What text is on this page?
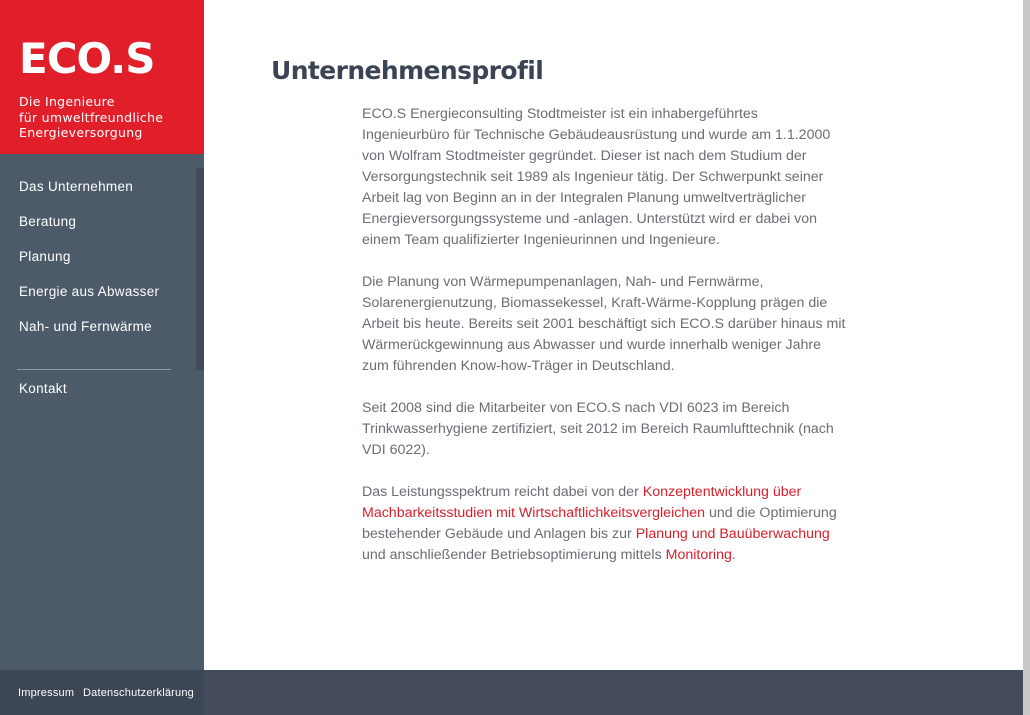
ECO.S
Die Ingenieure
für umweltfreundliche
Energieversorgung
Das Unternehmen
Beratung
Planung
Energie aus Abwasser
Nah- und Fernwärme
Kontakt
Unternehmensprofil

ECO.S Energieconsulting Stodtmeister ist ein inhabergeführtes Ingenieurbüro für Technische Gebäudeausrüstung und wurde am 1.1.2000 von Wolfram Stodtmeister gegründet. Dieser ist nach dem Studium der Versorgungstechnik seit 1989 als Ingenieur tätig. Der Schwerpunkt seiner Arbeit lag von Beginn an in der Integralen Planung umweltverträglicher Energieversorgungssysteme und -anlagen. Unterstützt wird er dabei von einem Team qualifizierter Ingenieurinnen und Ingenieure.

Die Planung von Wärmepumpenanlagen, Nah- und Fernwärme, Solarenergienutzung, Biomassekessel, Kraft-Wärme-Kopplung prägen die Arbeit bis heute. Bereits seit 2001 beschäftigt sich ECO.S darüber hinaus mit Wärmerückgewinnung aus Abwasser und wurde innerhalb weniger Jahre zum führenden Know-how-Träger in Deutschland.

Seit 2008 sind die Mitarbeiter von ECO.S nach VDI 6023 im Bereich Trinkwasserhygiene zertifiziert, seit 2012 im Bereich Raumlufttechnik (nach VDI 6022).

Das Leistungsspektrum reicht dabei von der Konzeptentwicklung über Machbarkeitsstudien mit Wirtschaftlichkeitsvergleichen und die Optimierung bestehender Gebäude und Anlagen bis zur Planung und Bauüberwachung und anschließender Betriebsoptimierung mittels Monitoring.

Impressum Datenschutzerklärung
